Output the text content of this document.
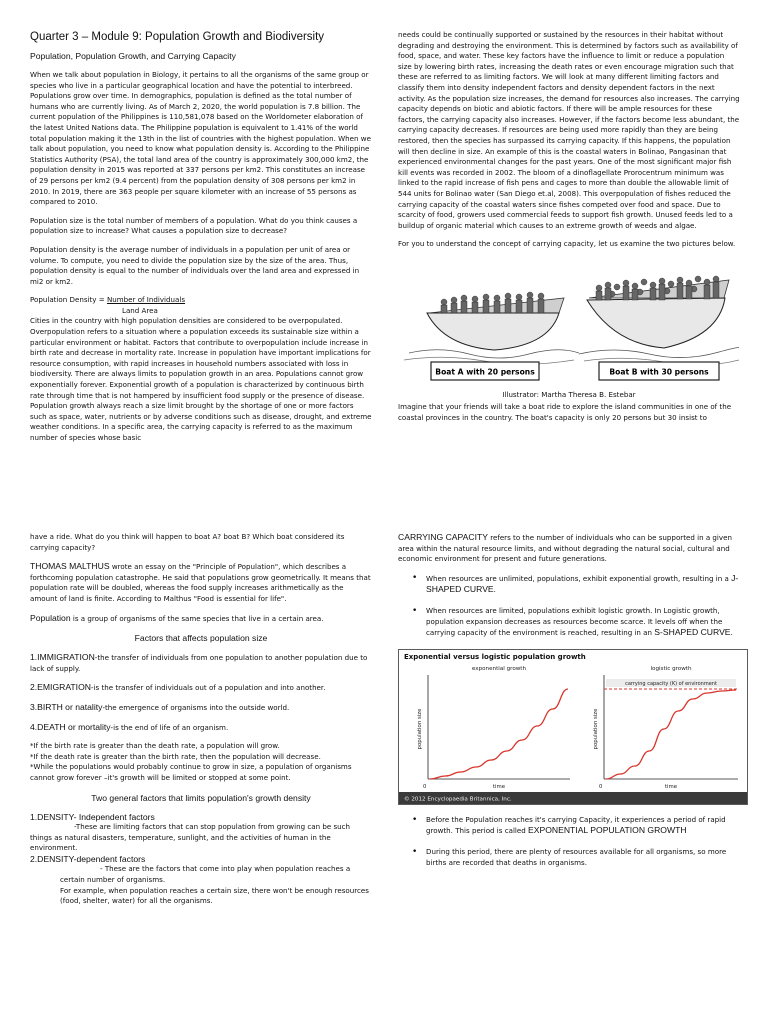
Quarter 3 – Module 9: Population Growth and Biodiversity
Population, Population Growth, and Carrying Capacity

When we talk about population in Biology, it pertains to all the organisms of the same group or species who live in a particular geographical location and have the potential to interbreed. Populations grow over time. In demographics, population is defined as the total number of humans who are currently living. As of March 2, 2020, the world population is 7.8 billion. The current population of the Philippines is 110,581,078 based on the Worldometer elaboration of the latest United Nations data. The Philippine population is equivalent to 1.41% of the world total population making it the 13th in the list of countries with the highest population. When we talk about population, you need to know what population density is. According to the Philippine Statistics Authority (PSA), the total land area of the country is approximately 300,000 km2, the population density in 2015 was reported at 337 persons per km2. This constitutes an increase of 29 persons per km2 (9.4 percent) from the population density of 308 persons per km2 in 2010. In 2019, there are 363 people per square kilometer with an increase of 55 persons as compared to 2010.

Population size is the total number of members of a population. What do you think causes a population size to increase? What causes a population size to decrease?

Population density is the average number of individuals in a population per unit of area or volume. To compute, you need to divide the population size by the size of the area. Thus, population density is equal to the number of individuals over the land area and expressed in mi2 or km2.

Population Density = Number of Individuals
Land Area

Cities in the country with high population densities are considered to be overpopulated. Overpopulation refers to a situation where a population exceeds its sustainable size within a particular environment or habitat. Factors that contribute to overpopulation include increase in birth rate and decrease in mortality rate. Increase in population have important implications for resource consumption, with rapid increases in household numbers associated with loss in biodiversity. There are always limits to population growth in an area. Populations cannot grow exponentially forever. Exponential growth of a population is characterized by continuous birth rate through time that is not hampered by insufficient food supply or the presence of disease. Population growth always reach a size limit brought by the shortage of one or more factors such as space, water, nutrients or by adverse conditions such as disease, drought, and extreme weather conditions. In a specific area, the carrying capacity is referred to as the maximum number of species whose basic

needs could be continually supported or sustained by the resources in their habitat without degrading and destroying the environment. This is determined by factors such as availability of food, space, and water. These key factors have the influence to limit or reduce a population size by lowering birth rates, increasing the death rates or even encourage migration such that these are referred to as limiting factors. We will look at many different limiting factors and classify them into density independent factors and density dependent factors in the next activity. As the population size increases, the demand for resources also increases. The carrying capacity depends on biotic and abiotic factors. If there will be ample resources for these factors, the carrying capacity also increases. However, if the factors become less abundant, the carrying capacity decreases. If resources are being used more rapidly than they are being restored, then the species has surpassed its carrying capacity. If this happens, the population will then decline in size. An example of this is the coastal waters in Bolinao, Pangasinan that experienced environmental changes for the past years. One of the most significant major fish kill events was recorded in 2002. The bloom of a dinoflagellate Prorocentrum minimum was linked to the rapid increase of fish pens and cages to more than double the allowable limit of 544 units for Bolinao water (San Diego et.al, 2008). This overpopulation of fishes reduced the carrying capacity of the coastal waters since fishes competed over food and space. Due to scarcity of food, growers used commercial feeds to support fish growth. Unused feeds led to a buildup of organic material which causes to an extreme growth of weeds and algae.

For you to understand the concept of carrying capacity, let us examine the two pictures below.

Boat A with 20 persons	Boat B with 30 persons
Illustrator: Martha Theresa B. Estebar

Imagine that your friends will take a boat ride to explore the island communities in one of the coastal provinces in the country. The boat's capacity is only 20 persons but 30 insist to

have a ride. What do you think will happen to boat A? boat B? Which boat considered its carrying capacity?

THOMAS MALTHUS wrote an essay on the "Principle of Population", which describes a forthcoming population catastrophe. He said that populations grow geometrically. It means that population rate will be doubled, whereas the food supply increases arithmetically as the amount of land is finite. According to Malthus "Food is essential for life".

Population is a group of organisms of the same species that live in a certain area.

Factors that affects population size

1.IMMIGRATION-the transfer of individuals from one population to another population due to lack of supply.

2.EMIGRATION-is the transfer of individuals out of a population and into another.

3.BIRTH or natality-the emergence of organisms into the outside world.

4.DEATH or mortality-is the end of life of an organism.

*If the birth rate is greater than the death rate, a population will grow.
*If the death rate is greater than the birth rate, then the population will decrease.

*While the populations would probably continue to grow in size, a population of organisms cannot grow forever –it's growth will be limited or stopped at some point.

Two general factors that limits population's growth density
1.DENSITY- Independent factors
-These are limiting factors that can stop population from growing can be such things as natural disasters, temperature, sunlight, and the activities of human in the environment.
2.DENSITY-dependent factors
- These are the factors that come into play when population reaches a certain number of organisms.
For example, when population reaches a certain size, there won't be enough resources (food, shelter, water) for all the organisms.

CARRYING CAPACITY refers to the number of individuals who can be supported in a given area within the natural resource limits, and without degrading the natural social, cultural and economic environment for present and future generations.

• When resources are unlimited, populations, exhibit exponential growth, resulting in a J-SHAPED CURVE.
• When resources are limited, populations exhibit logistic growth. In Logistic growth, population expansion decreases as resources become scarce. It levels off when the carrying capacity of the environment is reached, resulting in an S-SHAPED CURVE.
Exponential versus logistic population growth
exponential growth
time
population size
0
logistic growth
time
population size
0
carrying capacity (K) of environment
© 2012 Encyclopaedia Britannica, Inc.
• Before the Population reaches it's carrying Capacity, it experiences a period of rapid growth. This period is called EXPONENTIAL POPULATION GROWTH
• During this period, there are plenty of resources available for all organisms, so more births are recorded that deaths in organisms.
